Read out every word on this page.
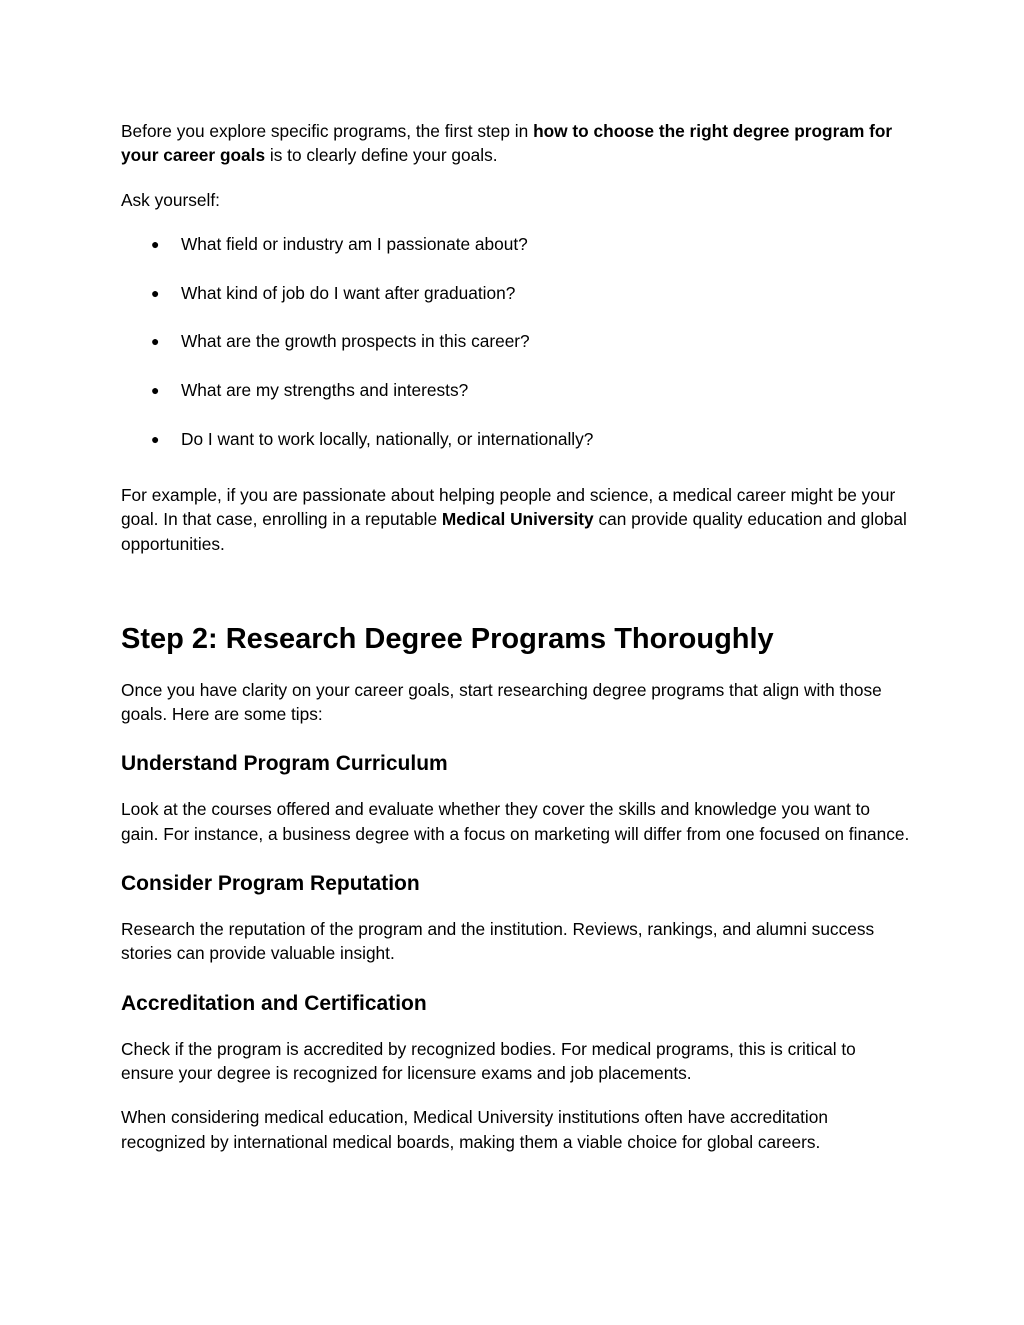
Before you explore specific programs, the first step in how to choose the right degree program for your career goals is to clearly define your goals.

Ask yourself:

● What field or industry am I passionate about?
● What kind of job do I want after graduation?
● What are the growth prospects in this career?
● What are my strengths and interests?
● Do I want to work locally, nationally, or internationally?

For example, if you are passionate about helping people and science, a medical career might be your goal. In that case, enrolling in a reputable Medical University can provide quality education and global opportunities.

Step 2: Research Degree Programs Thoroughly

Once you have clarity on your career goals, start researching degree programs that align with those goals. Here are some tips:

Understand Program Curriculum

Look at the courses offered and evaluate whether they cover the skills and knowledge you want to gain. For instance, a business degree with a focus on marketing will differ from one focused on finance.

Consider Program Reputation

Research the reputation of the program and the institution. Reviews, rankings, and alumni success stories can provide valuable insight.

Accreditation and Certification

Check if the program is accredited by recognized bodies. For medical programs, this is critical to ensure your degree is recognized for licensure exams and job placements.

When considering medical education, Medical University institutions often have accreditation recognized by international medical boards, making them a viable choice for global careers.
